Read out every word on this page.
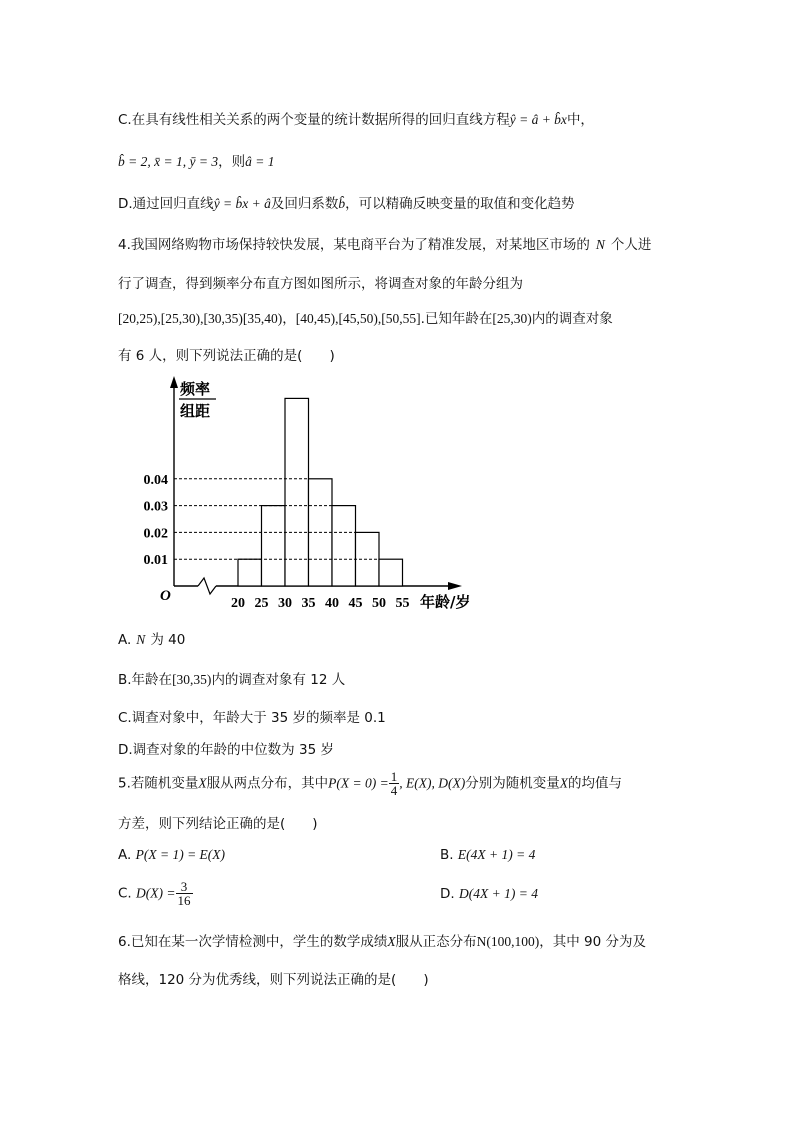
C.在具有线性相关关系的两个变量的统计数据所得的回归直线方程ŷ = â + b̂x中，
b̂ = 2, x̄ = 1, ȳ = 3，则â = 1
D.通过回归直线ŷ = b̂x + â及回归系数b̂，可以精确反映变量的取值和变化趋势
4.我国网络购物市场保持较快发展，某电商平台为了精准发展，对某地区市场的 N 个人进
行了调查，得到频率分布直方图如图所示，将调查对象的年龄分组为
[20,25),[25,30),[30,35)[35,40)，[40,45),[45,50),[50,55].已知年龄在[25,30)内的调查对象
有 6 人，则下列说法正确的是(　　)
频率
组距
O
0.01
0.02
0.03
0.04
20 25 30 35 40 45 50 55 年龄/岁
A. N 为 40
B.年龄在[30,35)内的调查对象有 12 人
C.调查对象中，年龄大于 35 岁的频率是 0.1
D.调查对象的年龄的中位数为 35 岁
5.若随机变量X服从两点分布，其中$P(X = 0) = \frac{1}{4}$ , E(X), D(X)分别为随机变量X的均值与
方差，则下列结论正确的是(　　)
A. P(X = 1) = E(X)	B. E(4X + 1) = 4
C. $D(X) = \frac{3}{16}$	D. D(4X + 1) = 4
6.已知在某一次学情检测中，学生的数学成绩X服从正态分布N(100,100)，其中 90 分为及
格线，120 分为优秀线，则下列说法正确的是(　　)
